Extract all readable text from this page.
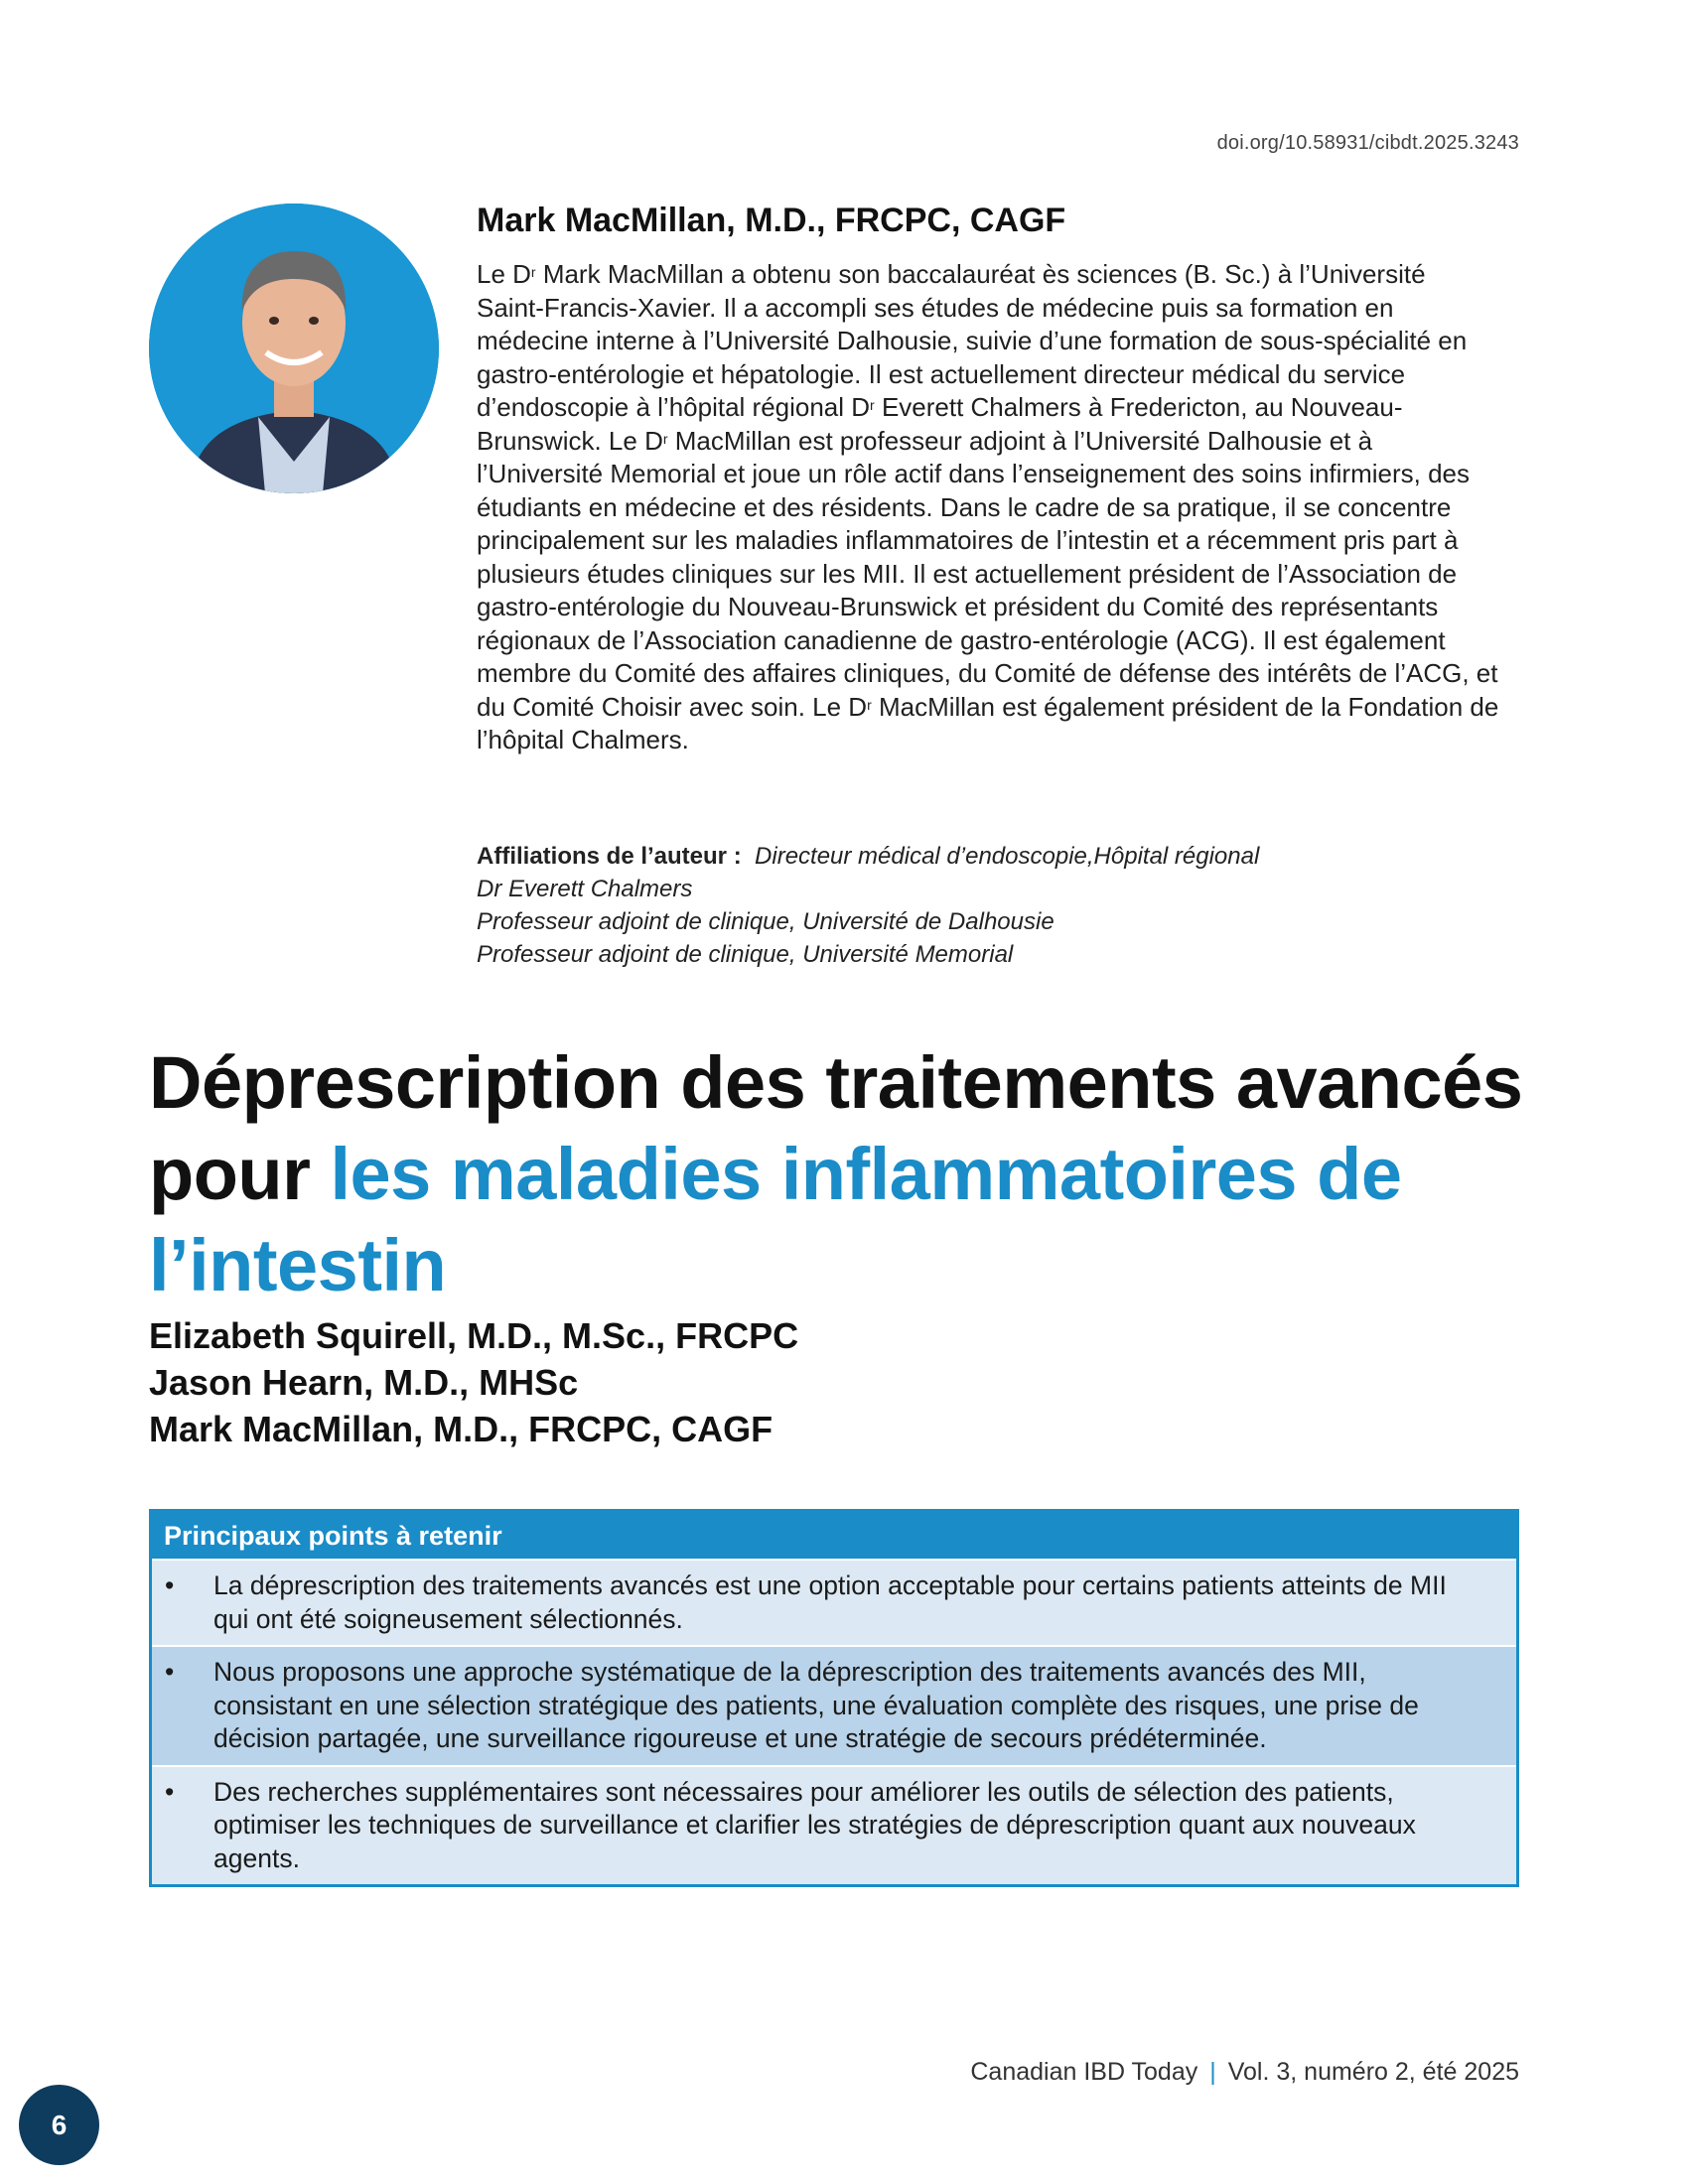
doi.org/10.58931/cibdt.2025.3243
Mark MacMillan, M.D., FRCPC, CAGF
Le $D^r$ Mark MacMillan a obtenu son baccalauréat ès sciences (B. Sc.) à l’Université Saint-Francis-Xavier. Il a accompli ses études de médecine puis sa formation en médecine interne à l’Université Dalhousie, suivie d’une formation de sous-spécialité en gastro-entérologie et hépatologie. Il est actuellement directeur médical du service d’endoscopie à l’hôpital régional $D^r$ Everett Chalmers à Fredericton, au Nouveau-Brunswick. Le $D^r$ MacMillan est professeur adjoint à l’Université Dalhousie et à l’Université Memorial et joue un rôle actif dans l’enseignement des soins infirmiers, des étudiants en médecine et des résidents. Dans le cadre de sa pratique, il se concentre principalement sur les maladies inflammatoires de l’intestin et a récemment pris part à plusieurs études cliniques sur les MII. Il est actuellement président de l’Association de gastro-entérologie du Nouveau-Brunswick et président du Comité des représentants régionaux de l’Association canadienne de gastro-entérologie (ACG). Il est également membre du Comité des affaires cliniques, du Comité de défense des intérêts de l’ACG, et du Comité Choisir avec soin. Le $D^r$ MacMillan est également président de la Fondation de l’hôpital Chalmers.
Affiliations de l’auteur : Directeur médical d’endoscopie,Hôpital régional
Dr Everett Chalmers
Professeur adjoint de clinique, Université de Dalhousie
Professeur adjoint de clinique, Université Memorial
Déprescription des traitements avancés pour les maladies inflammatoires de l’intestin
Elizabeth Squirell, M.D., M.Sc., FRCPC
Jason Hearn, M.D., MHSc
Mark MacMillan, M.D., FRCPC, CAGF
Principaux points à retenir
• La déprescription des traitements avancés est une option acceptable pour certains patients atteints de MII qui ont été soigneusement sélectionnés.
• Nous proposons une approche systématique de la déprescription des traitements avancés des MII, consistant en une sélection stratégique des patients, une évaluation complète des risques, une prise de décision partagée, une surveillance rigoureuse et une stratégie de secours prédéterminée.
• Des recherches supplémentaires sont nécessaires pour améliorer les outils de sélection des patients, optimiser les techniques de surveillance et clarifier les stratégies de déprescription quant aux nouveaux agents.
Canadian IBD Today | Vol. 3, numéro 2, été 2025
6
